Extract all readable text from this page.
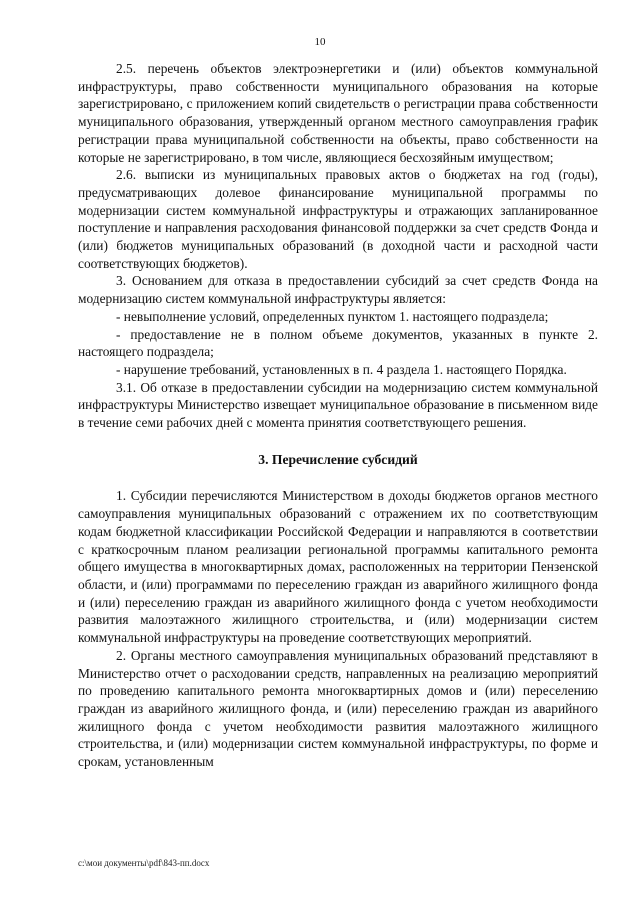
10

2.5. перечень объектов электроэнергетики и (или) объектов коммунальной инфраструктуры, право собственности муниципального образования на которые зарегистрировано, с приложением копий свидетельств о регистрации права собственности муниципального образования, утвержденный органом местного самоуправления график регистрации права муниципальной собственности на объекты, право собственности на которые не зарегистрировано, в том числе, являющиеся бесхозяйным имуществом;

2.6. выписки из муниципальных правовых актов о бюджетах на год (годы), предусматривающих долевое финансирование муниципальной программы по модернизации систем коммунальной инфраструктуры и отражающих запланированное поступление и направления расходования финансовой поддержки за счет средств Фонда и (или) бюджетов муниципальных образований (в доходной части и расходной части соответствующих бюджетов).

3. Основанием для отказа в предоставлении субсидий за счет средств Фонда на модернизацию систем коммунальной инфраструктуры является:

- невыполнение условий, определенных пунктом 1. настоящего подраздела;

- предоставление не в полном объеме документов, указанных в пункте 2. настоящего подраздела;

- нарушение требований, установленных в п. 4 раздела 1. настоящего Порядка.

3.1. Об отказе в предоставлении субсидии на модернизацию систем коммунальной инфраструктуры Министерство извещает муниципальное образование в письменном виде в течение семи рабочих дней с момента принятия соответствующего решения.

3. Перечисление субсидий

1. Субсидии перечисляются Министерством в доходы бюджетов органов местного самоуправления муниципальных образований с отражением их по соответствующим кодам бюджетной классификации Российской Федерации и направляются в соответствии с краткосрочным планом реализации региональной программы капитального ремонта общего имущества в многоквартирных домах, расположенных на территории Пензенской области, и (или) программами по переселению граждан из аварийного жилищного фонда и (или) переселению граждан из аварийного жилищного фонда с учетом необходимости развития малоэтажного жилищного строительства, и (или) модернизации систем коммунальной инфраструктуры на проведение соответствующих мероприятий.

2. Органы местного самоуправления муниципальных образований представляют в Министерство отчет о расходовании средств, направленных на реализацию мероприятий по проведению капитального ремонта многоквартирных домов и (или) переселению граждан из аварийного жилищного фонда, и (или) переселению граждан из аварийного жилищного фонда с учетом необходимости развития малоэтажного жилищного строительства, и (или) модернизации систем коммунальной инфраструктуры, по форме и срокам, установленным

c:\мои документы\pdf\843-пп.docx
